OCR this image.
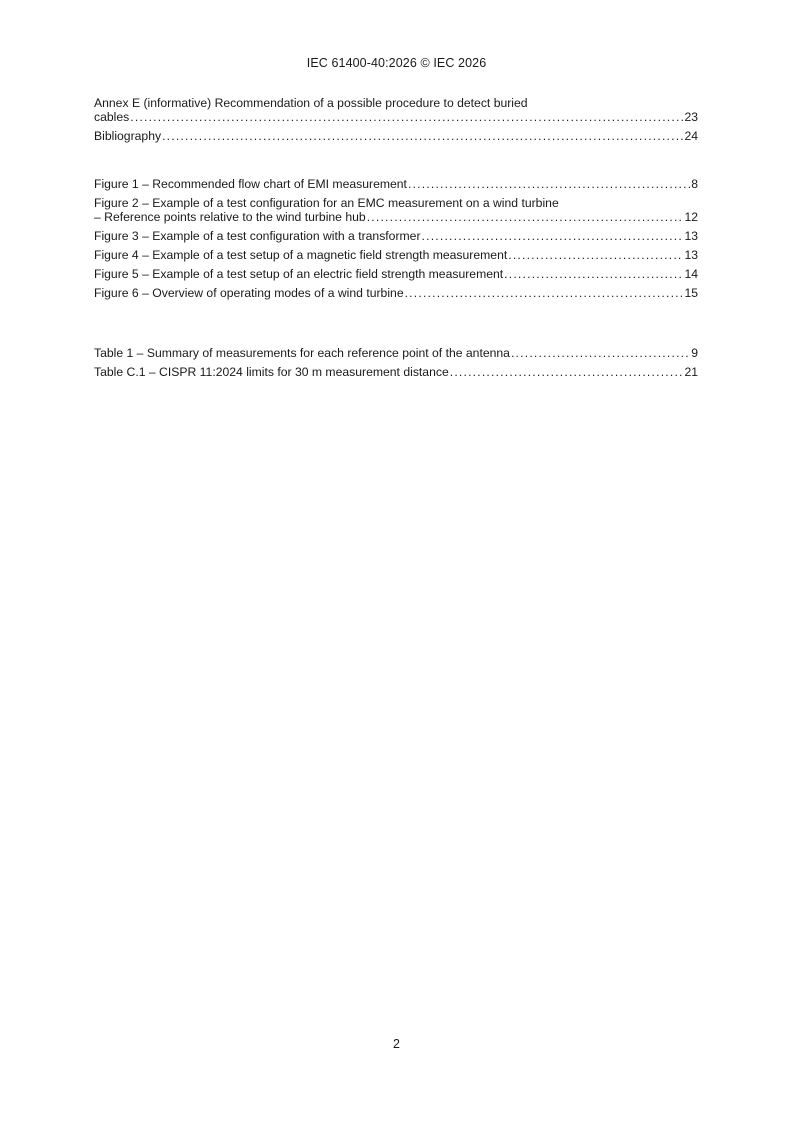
IEC 61400-40:2026 © IEC 2026
Annex E (informative) Recommendation of a possible procedure to detect buried
cables .....	23
Bibliography .....	24
Figure 1 – Recommended flow chart of EMI measurement .....	8
Figure 2 – Example of a test configuration for an EMC measurement on a wind turbine
– Reference points relative to the wind turbine hub .....	12
Figure 3 – Example of a test configuration with a transformer .....	13
Figure 4 – Example of a test setup of a magnetic field strength measurement .....	13
Figure 5 – Example of a test setup of an electric field strength measurement .....	14
Figure 6 – Overview of operating modes of a wind turbine .....	15
Table 1 – Summary of measurements for each reference point of the antenna .....	9
Table C.1 – CISPR 11:2024 limits for 30 m measurement distance .....	21
2
